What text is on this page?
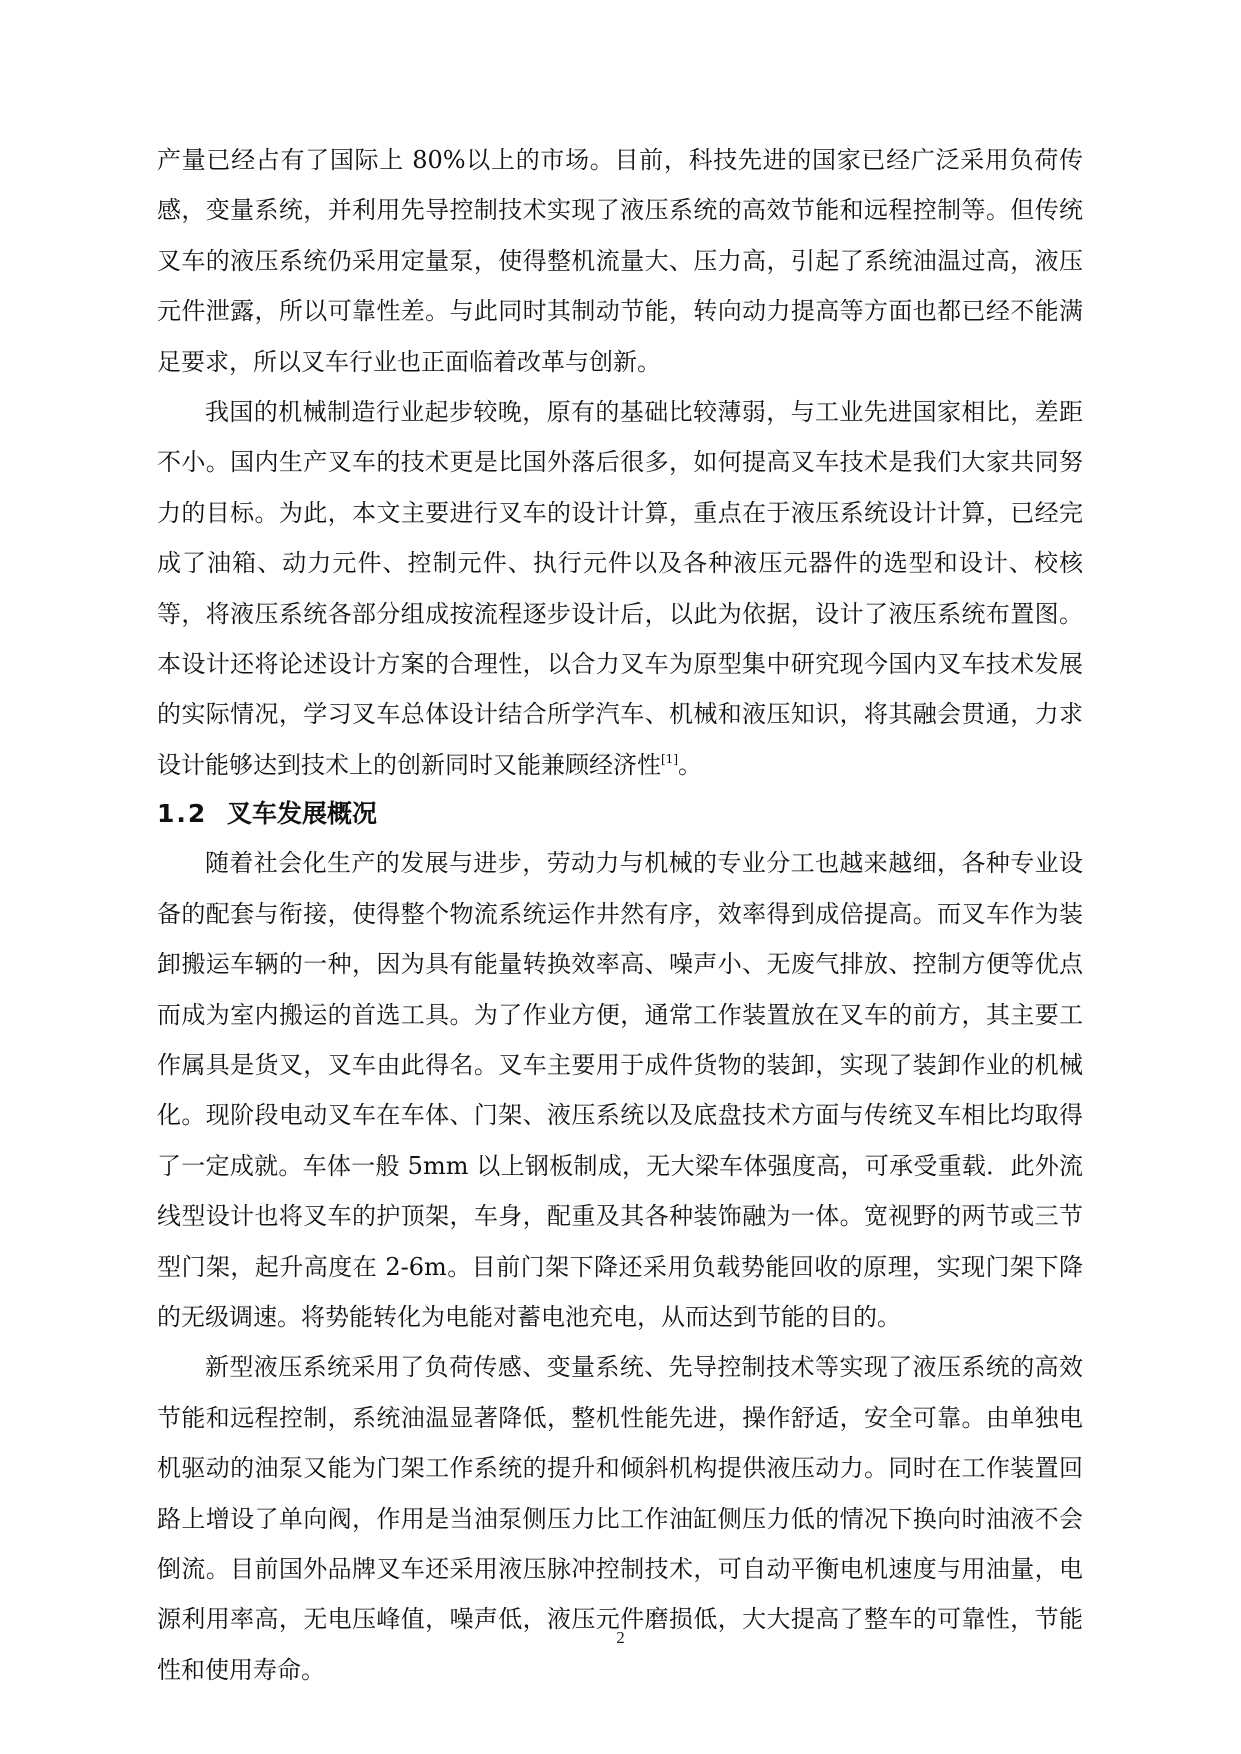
产量已经占有了国际上 80%以上的市场。目前，科技先进的国家已经广泛采用负荷传感，变量系统，并利用先导控制技术实现了液压系统的高效节能和远程控制等。但传统叉车的液压系统仍采用定量泵，使得整机流量大、压力高，引起了系统油温过高，液压元件泄露，所以可靠性差。与此同时其制动节能，转向动力提高等方面也都已经不能满足要求，所以叉车行业也正面临着改革与创新。

我国的机械制造行业起步较晚，原有的基础比较薄弱，与工业先进国家相比，差距不小。国内生产叉车的技术更是比国外落后很多，如何提高叉车技术是我们大家共同努力的目标。为此，本文主要进行叉车的设计计算，重点在于液压系统设计计算，已经完成了油箱、动力元件、控制元件、执行元件以及各种液压元器件的选型和设计、校核等，将液压系统各部分组成按流程逐步设计后，以此为依据，设计了液压系统布置图。本设计还将论述设计方案的合理性，以合力叉车为原型集中研究现今国内叉车技术发展的实际情况，学习叉车总体设计结合所学汽车、机械和液压知识，将其融会贯通，力求设计能够达到技术上的创新同时又能兼顾经济性[1]。

1.2 叉车发展概况

随着社会化生产的发展与进步，劳动力与机械的专业分工也越来越细，各种专业设备的配套与衔接，使得整个物流系统运作井然有序，效率得到成倍提高。而叉车作为装卸搬运车辆的一种，因为具有能量转换效率高、噪声小、无废气排放、控制方便等优点而成为室内搬运的首选工具。为了作业方便，通常工作装置放在叉车的前方，其主要工作属具是货叉，叉车由此得名。叉车主要用于成件货物的装卸，实现了装卸作业的机械化。现阶段电动叉车在车体、门架、液压系统以及底盘技术方面与传统叉车相比均取得了一定成就。车体一般 5mm 以上钢板制成，无大梁车体强度高，可承受重载．此外流线型设计也将叉车的护顶架，车身，配重及其各种装饰融为一体。宽视野的两节或三节型门架，起升高度在 2-6m。目前门架下降还采用负载势能回收的原理，实现门架下降的无级调速。将势能转化为电能对蓄电池充电，从而达到节能的目的。

新型液压系统采用了负荷传感、变量系统、先导控制技术等实现了液压系统的高效节能和远程控制，系统油温显著降低，整机性能先进，操作舒适，安全可靠。由单独电机驱动的油泵又能为门架工作系统的提升和倾斜机构提供液压动力。同时在工作装置回路上增设了单向阀，作用是当油泵侧压力比工作油缸侧压力低的情况下换向时油液不会倒流。目前国外品牌叉车还采用液压脉冲控制技术，可自动平衡电机速度与用油量，电源利用率高，无电压峰值，噪声低，液压元件磨损低，大大提高了整车的可靠性，节能性和使用寿命。

2
